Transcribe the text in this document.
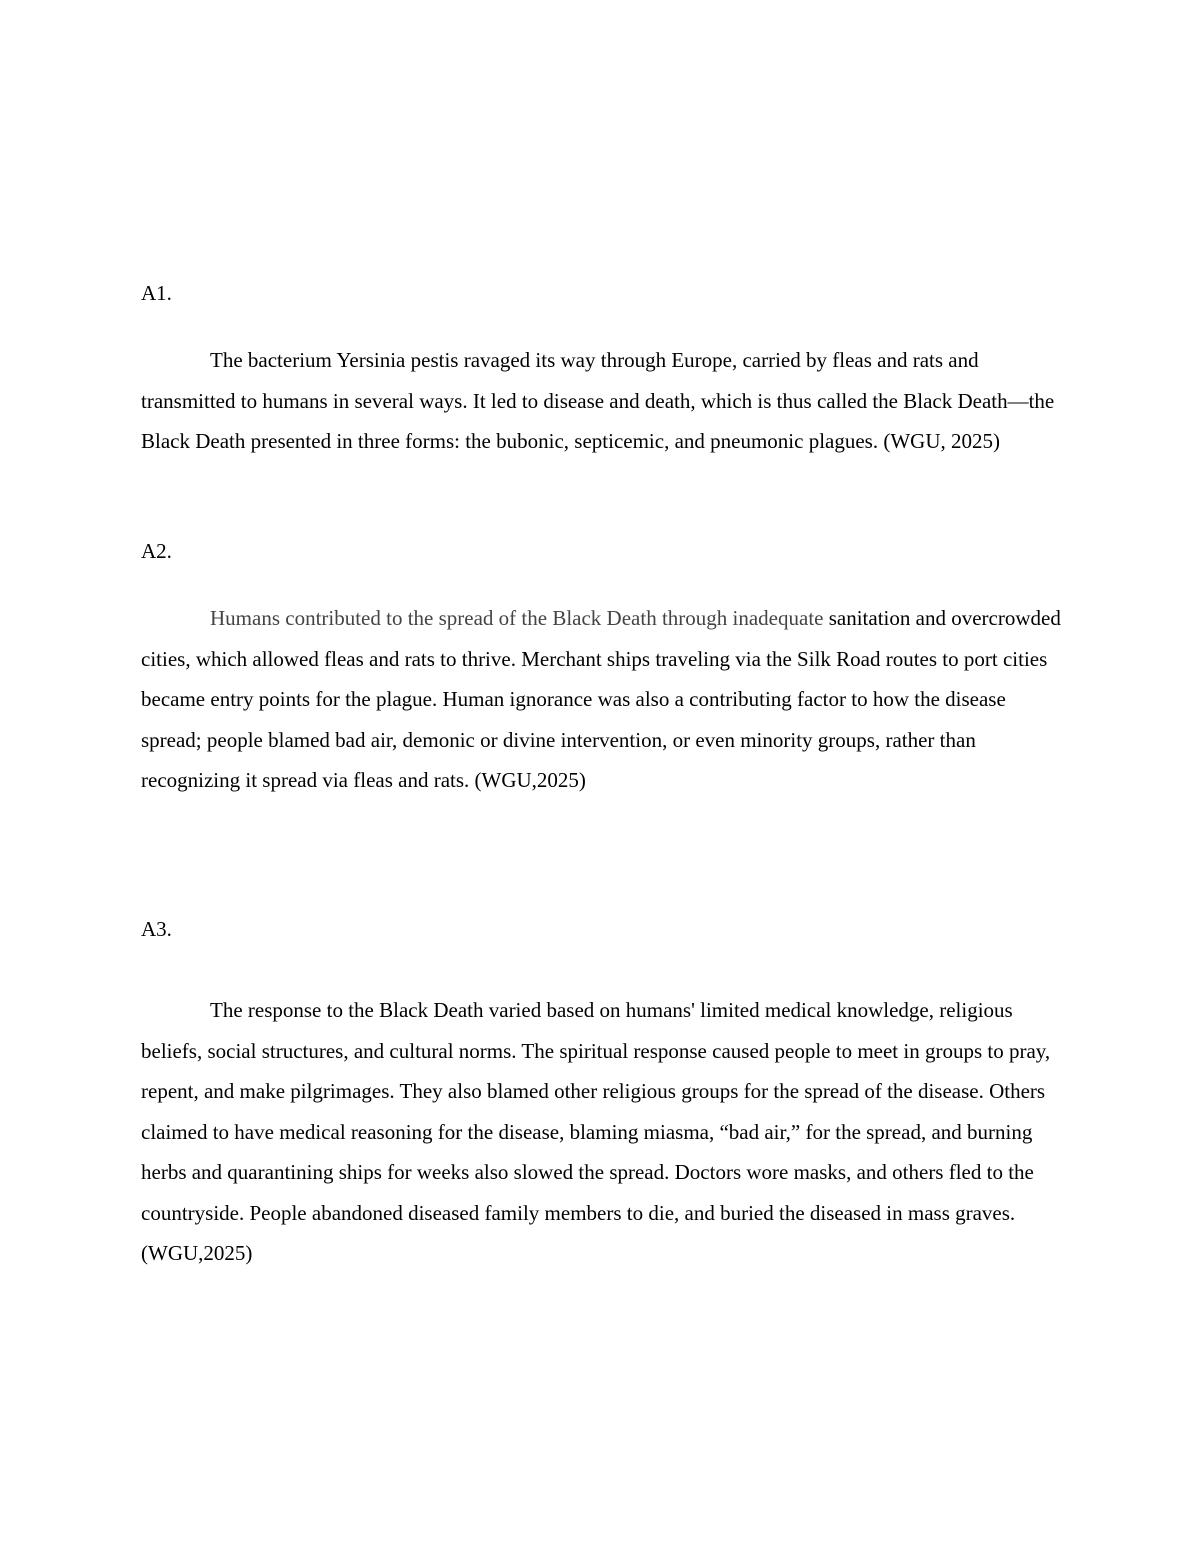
A1.

The bacterium Yersinia pestis ravaged its way through Europe, carried by fleas and rats and transmitted to humans in several ways. It led to disease and death, which is thus called the Black Death—the Black Death presented in three forms: the bubonic, septicemic, and pneumonic plagues. (WGU, 2025)

A2.

Humans contributed to the spread of the Black Death through inadequate sanitation and overcrowded cities, which allowed fleas and rats to thrive. Merchant ships traveling via the Silk Road routes to port cities became entry points for the plague. Human ignorance was also a contributing factor to how the disease spread; people blamed bad air, demonic or divine intervention, or even minority groups, rather than recognizing it spread via fleas and rats. (WGU,2025)

A3.

The response to the Black Death varied based on humans' limited medical knowledge, religious beliefs, social structures, and cultural norms. The spiritual response caused people to meet in groups to pray, repent, and make pilgrimages. They also blamed other religious groups for the spread of the disease. Others claimed to have medical reasoning for the disease, blaming miasma, “bad air,” for the spread, and burning herbs and quarantining ships for weeks also slowed the spread. Doctors wore masks, and others fled to the countryside. People abandoned diseased family members to die, and buried the diseased in mass graves. (WGU,2025)
